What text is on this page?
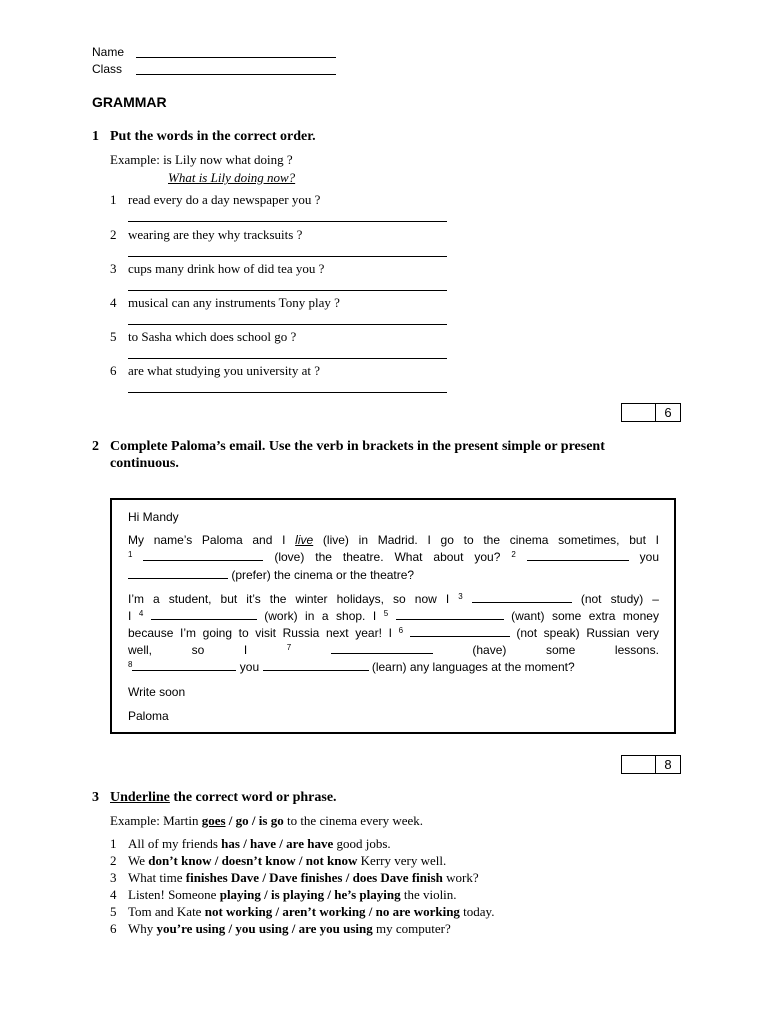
Name
Class
GRAMMAR
1 Put the words in the correct order.
Example: is Lily now what doing ?
What is Lily doing now?
1 read every do a day newspaper you ?
2 wearing are they why tracksuits ?
3 cups many drink how of did tea you ?
4 musical can any instruments Tony play ?
5 to Sasha which does school go ?
6 are what studying you university at ?
6
2 Complete Paloma’s email. Use the verb in brackets in the present simple or present
continuous.
Hi Mandy
My name’s Paloma and I live (live) in Madrid. I go to the cinema sometimes, but I
$^1$	(love) the theatre. What about you? $^2$	you
(prefer) the cinema or the theatre?
I’m a student, but it’s the winter holidays, so now I $^3$	(not study) –
I $^4$	(work) in a shop. I $^5$	(want) some extra money
because I’m going to visit Russia next year! I $^6$	(not speak) Russian very
well,	so	I	$^7$	(have)	some	lessons.
$^8$	you	(learn) any languages at the moment?
Write soon
Paloma
8
3 Underline the correct word or phrase.
Example: Martin goes / go / is go to the cinema every week.
1 All of my friends has / have / are have good jobs.
2 We don’t know / doesn’t know / not know Kerry very well.
3 What time finishes Dave / Dave finishes / does Dave finish work?
4 Listen! Someone playing / is playing / he’s playing the violin.
5 Tom and Kate not working / aren’t working / no are working today.
6 Why you’re using / you using / are you using my computer?
